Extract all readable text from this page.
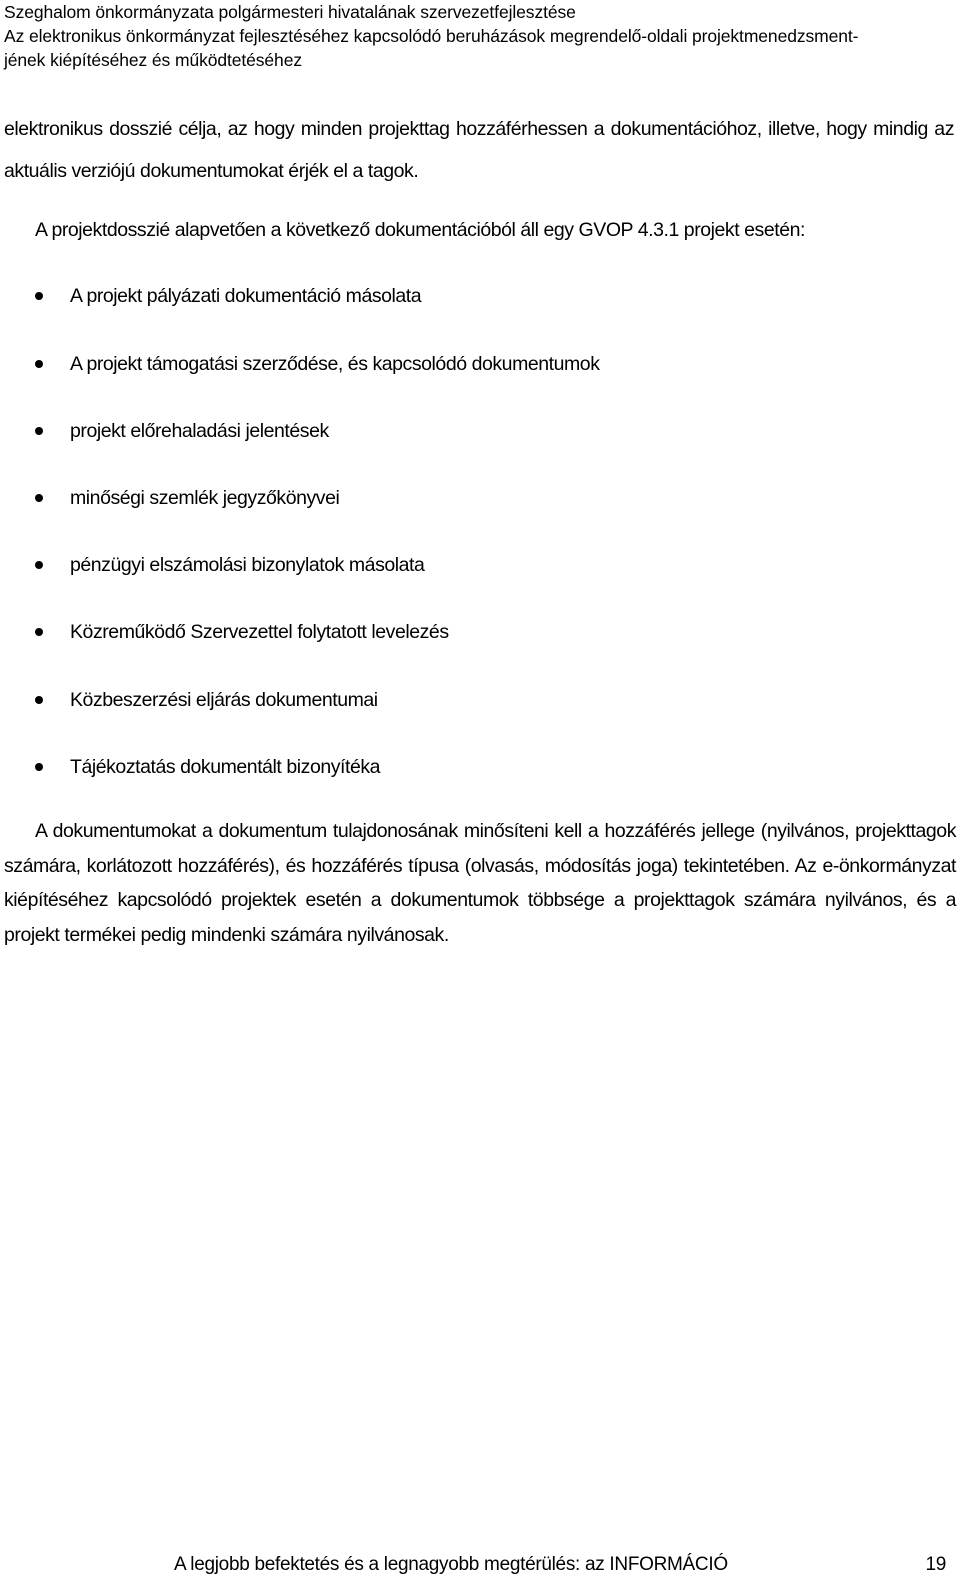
Szeghalom önkormányzata polgármesteri hivatalának szervezetfejlesztése
Az elektronikus önkormányzat fejlesztéséhez kapcsolódó beruházások megrendelő-oldali projektmenedzsment-
jének kiépítéséhez és működtetéséhez
elektronikus dosszié célja, az hogy minden projekttag hozzáférhessen a dokumentációhoz, illetve, hogy mindig az aktuális verziójú dokumentumokat érjék el a tagok.
A projektdosszié alapvetően a következő dokumentációból áll egy GVOP 4.3.1 projekt esetén:
A projekt pályázati dokumentáció másolata
A projekt támogatási szerződése, és kapcsolódó dokumentumok
projekt előrehaladási jelentések
minőségi szemlék jegyzőkönyvei
pénzügyi elszámolási bizonylatok másolata
Közreműködő Szervezettel folytatott levelezés
Közbeszerzési eljárás dokumentumai
Tájékoztatás dokumentált bizonyítéka
A dokumentumokat a dokumentum tulajdonosának minősíteni kell a hozzáférés jellege (nyilvános, projekttagok számára, korlátozott hozzáférés), és hozzáférés típusa (olvasás, módosítás joga) tekintetében. Az e-önkormányzat kiépítéséhez kapcsolódó projektek esetén a dokumentumok többsége a projekttagok számára nyilvános, és a projekt termékei pedig mindenki számára nyilvánosak.
A legjobb befektetés és a legnagyobb megtérülés: az INFORMÁCIÓ	19
